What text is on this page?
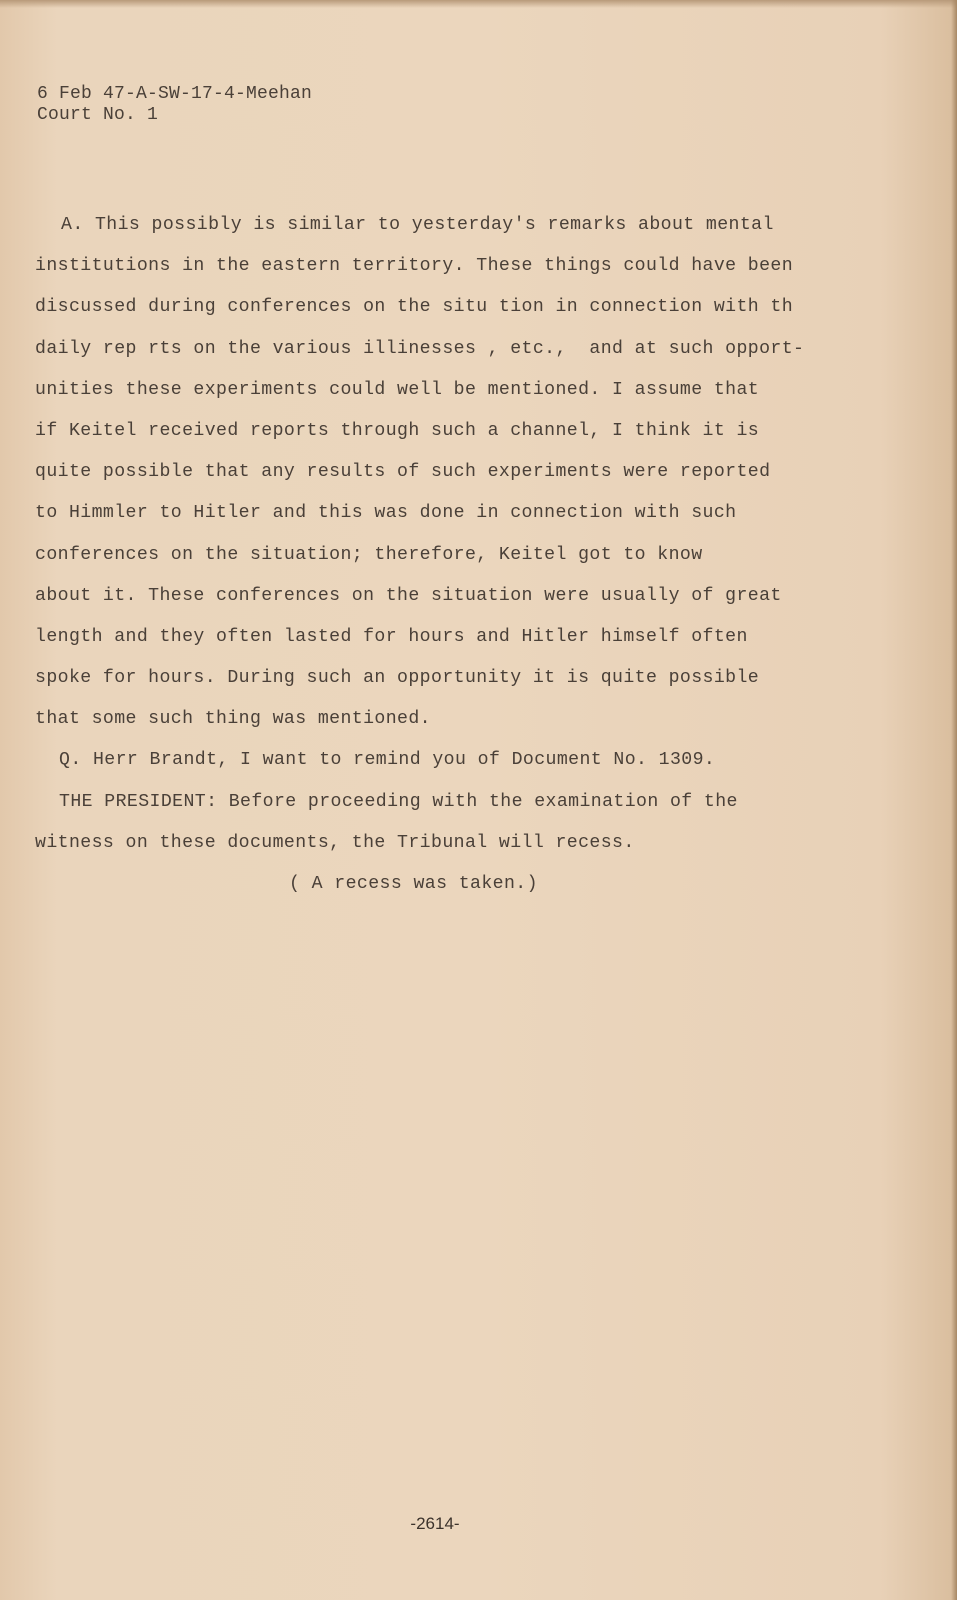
6 Feb 47-A-SW-17-4-Meehan
Court No. 1
A. This possibly is similar to yesterday's remarks about mental
institutions in the eastern territory. These things could have been
discussed during conferences on the situ tion in connection with th
daily rep rts on the various illinesses , etc.,  and at such opport-
unities these experiments could well be mentioned. I assume that
if Keitel received reports through such a channel, I think it is
quite possible that any results of such experiments were reported
to Himmler to Hitler and this was done in connection with such
conferences on the situation; therefore, Keitel got to know
about it. These conferences on the situation were usually of great
length and they often lasted for hours and Hitler himself often
spoke for hours. During such an opportunity it is quite possible
that some such thing was mentioned.
Q. Herr Brandt, I want to remind you of Document No. 1309.
THE PRESIDENT: Before proceeding with the examination of the
witness on these documents, the Tribunal will recess.
( A recess was taken.)
-2614-
